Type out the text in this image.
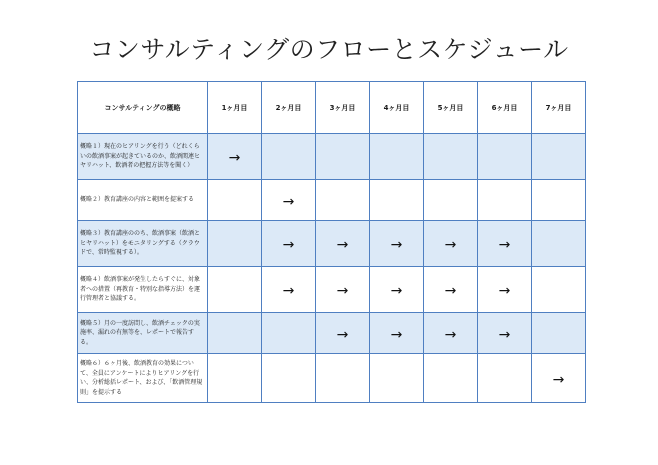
コンサルティングのフローとスケジュール
コンサルティングの概略	1ヶ月目	2ヶ月目	3ヶ月目	4ヶ月目	5ヶ月目	6ヶ月目	7ヶ月目
概略１）現在のヒアリングを行う（どれくらいの飲酒事案が起きているのか、飲酒関連ヒヤリハット、飲酒者の把握方法等を聞く）	→						
概略２）教育講座の内容と範囲を提案する		→					
概略３）教育講座ののち、飲酒事案（飲酒とヒヤリハット）をモニタリングする（クラウドで、常時監視する）。		→	→	→	→	→	
概略４）飲酒事案が発生したらすぐに、対象者への措置（再教育・特別な指導方法）を運行管理者と協議する。		→	→	→	→	→	
概略５）月の一度訪問し、飲酒チェックの実施率、漏れの有無等を、レポートで報告する。			→	→	→	→	
概略６）６ヶ月後、飲酒教育の効果について、全員にアンケートによりヒアリングを行い、分析総括レポート、および、「飲酒管理規則」を提示する							→
